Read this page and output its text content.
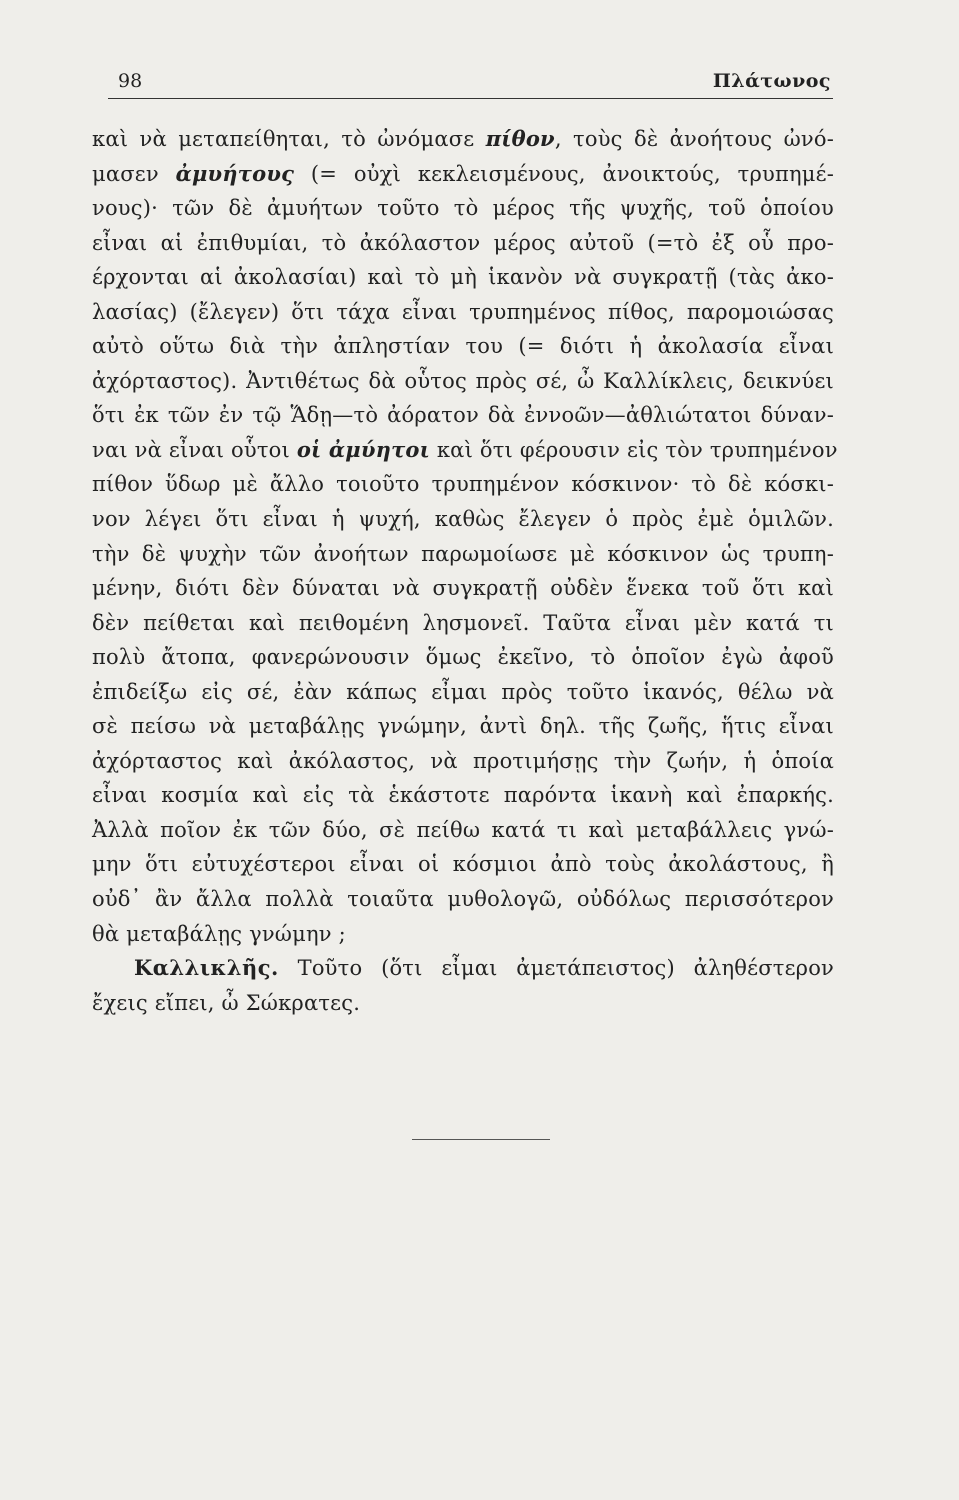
98	Πλάτωνος
καὶ νὰ μεταπείθηται, τὸ ὠνόμασε πίθον, τοὺς δὲ ἀνοήτους ὠνό-
μασεν ἀμυήτους (= οὐχὶ κεκλεισμένους, ἀνοικτούς, τρυπημέ-
νους)· τῶν δὲ ἀμυήτων τοῦτο τὸ μέρος τῆς ψυχῆς, τοῦ ὁποίου
εἶναι αἱ ἐπιθυμίαι, τὸ ἀκόλαστον μέρος αὐτοῦ (=τὸ ἐξ οὗ προ-
έρχονται αἱ ἀκολασίαι) καὶ τὸ μὴ ἱκανὸν νὰ συγκρατῇ (τὰς ἀκο-
λασίας) (ἔλεγεν) ὅτι τάχα εἶναι τρυπημένος πίθος, παρομοιώσας
αὐτὸ οὕτω διὰ τὴν ἀπληστίαν του (= διότι ἡ ἀκολασία εἶναι
ἀχόρταστος). Ἀντιθέτως δὰ οὗτος πρὸς σέ, ὦ Καλλίκλεις, δεικνύει
ὅτι ἐκ τῶν ἐν τῷ Ἅδῃ—τὸ ἀόρατον δὰ ἐννοῶν—ἀθλιώτατοι δύναν-
ναι νὰ εἶναι οὗτοι οἱ ἀμύητοι καὶ ὅτι φέρουσιν εἰς τὸν τρυπημένον
πίθον ὕδωρ μὲ ἄλλο τοιοῦτο τρυπημένον κόσκινον· τὸ δὲ κόσκι-
νον λέγει ὅτι εἶναι ἡ ψυχή, καθὼς ἔλεγεν ὁ πρὸς ἐμὲ ὁμιλῶν.
τὴν δὲ ψυχὴν τῶν ἀνοήτων παρωμοίωσε μὲ κόσκινον ὡς τρυπη-
μένην, διότι δὲν δύναται νὰ συγκρατῇ οὐδὲν ἕνεκα τοῦ ὅτι καὶ
δὲν πείθεται καὶ πειθομένη λησμονεῖ. Ταῦτα εἶναι μὲν κατά τι
πολὺ ἄτοπα, φανερώνουσιν ὅμως ἐκεῖνο, τὸ ὁποῖον ἐγὼ ἀφοῦ
ἐπιδείξω εἰς σέ, ἐὰν κάπως εἶμαι πρὸς τοῦτο ἱκανός, θέλω νὰ
σὲ πείσω νὰ μεταβάλῃς γνώμην, ἀντὶ δηλ. τῆς ζωῆς, ἥτις εἶναι
ἀχόρταστος καὶ ἀκόλαστος, νὰ προτιμήσῃς τὴν ζωήν, ἡ ὁποία
εἶναι κοσμία καὶ εἰς τὰ ἑκάστοτε παρόντα ἱκανὴ καὶ ἐπαρκής.
Ἀλλὰ ποῖον ἐκ τῶν δύο, σὲ πείθω κατά τι καὶ μεταβάλλεις γνώ-
μην ὅτι εὐτυχέστεροι εἶναι οἱ κόσμιοι ἀπὸ τοὺς ἀκολάστους, ἢ
οὐδ᾽ ἂν ἄλλα πολλὰ τοιαῦτα μυθολογῶ, οὐδόλως περισσότερον
θὰ μεταβάλῃς γνώμην ;
Καλλικλῆς. Τοῦτο (ὅτι εἶμαι ἀμετάπειστος) ἀληθέστερον
ἔχεις εἴπει, ὦ Σώκρατες.
